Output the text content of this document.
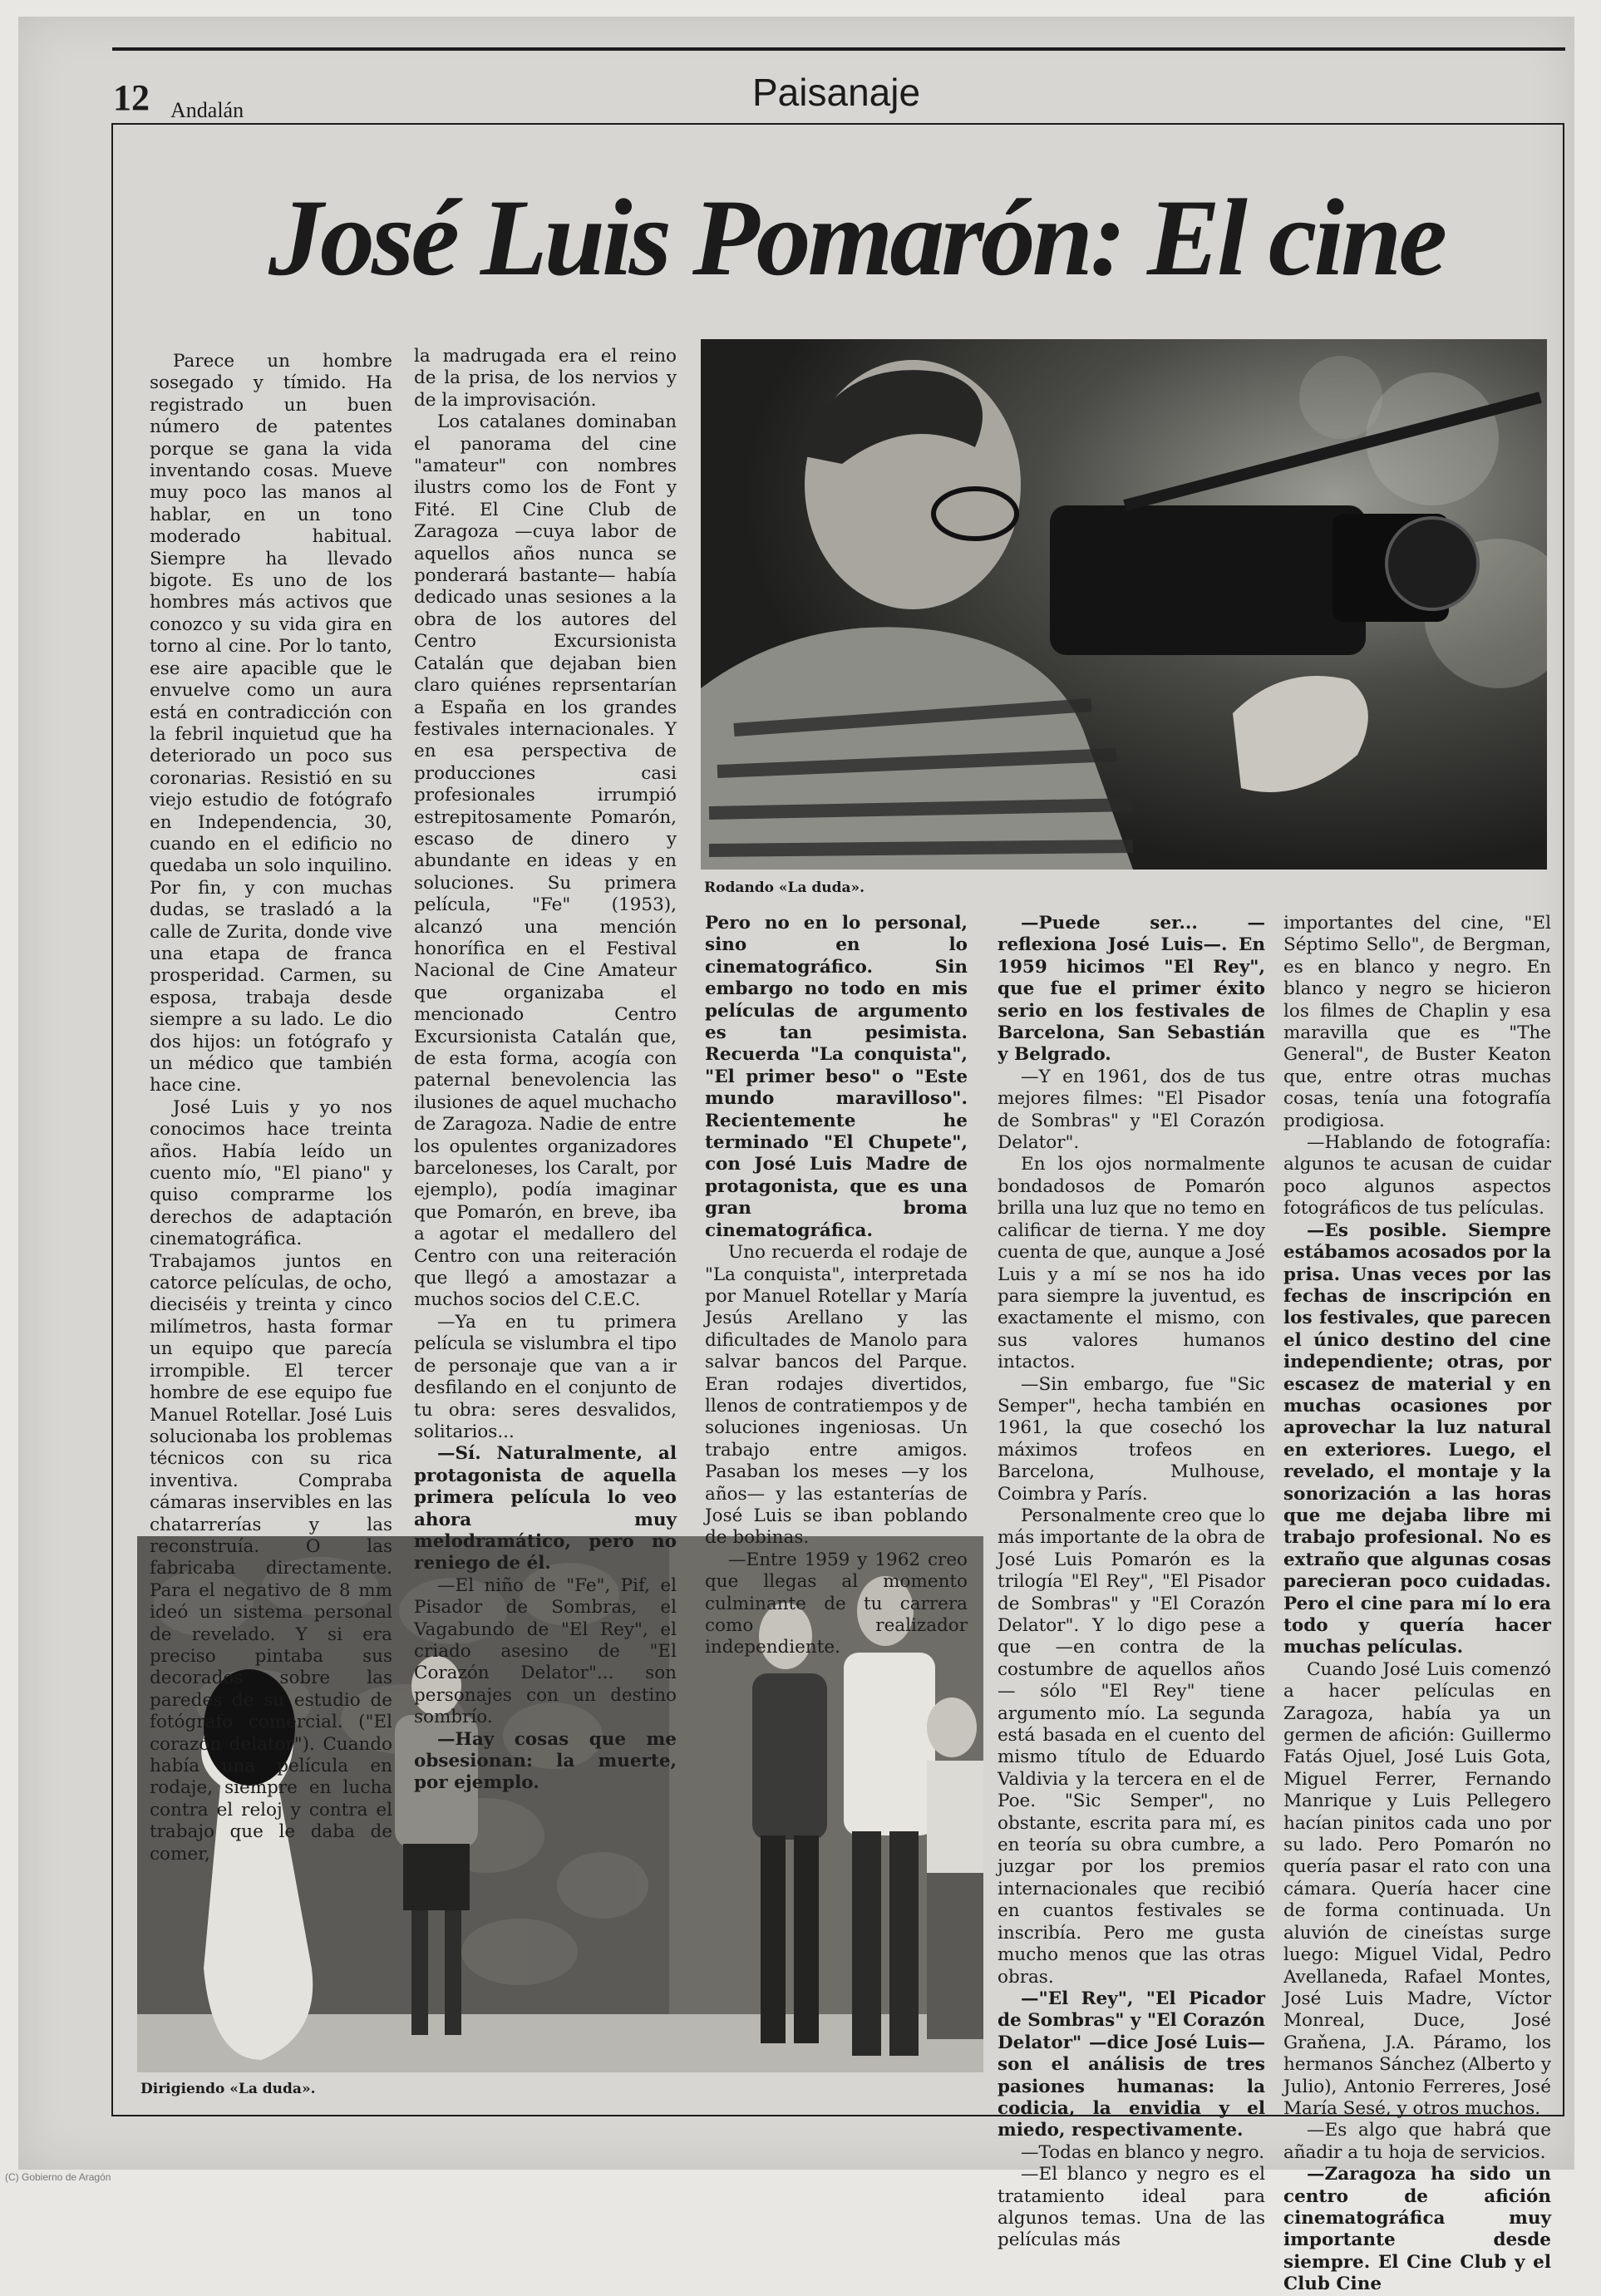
12 Andalán	Paisanaje
José Luis Pomarón: El cine
Rodando «La duda».
Dirigiendo «La duda».

Parece un hombre sosegado y tímido. Ha registrado un buen número de patentes porque se gana la vida inventando cosas. Mueve muy poco las manos al hablar, en un tono moderado habitual. Siempre ha llevado bigote. Es uno de los hombres más activos que conozco y su vida gira en torno al cine. Por lo tanto, ese aire apacible que le envuelve como un aura está en contradicción con la febril inquietud que ha deteriorado un poco sus coronarias. Resistió en su viejo estudio de fotógrafo en Independencia, 30, cuando en el edificio no quedaba un solo inquilino. Por fin, y con muchas dudas, se trasladó a la calle de Zurita, donde vive una etapa de franca prosperidad. Carmen, su esposa, trabaja desde siempre a su lado. Le dio dos hijos: un fotógrafo y un médico que también hace cine.

José Luis y yo nos conocimos hace treinta años. Había leído un cuento mío, "El piano" y quiso comprarme los derechos de adaptación cinematográfica. Trabajamos juntos en catorce películas, de ocho, dieciséis y treinta y cinco milímetros, hasta formar un equipo que parecía irrompible. El tercer hombre de ese equipo fue Manuel Rotellar. José Luis solucionaba los problemas técnicos con su rica inventiva. Compraba cámaras inservibles en las chatarrerías y las reconstruía. O las fabricaba directamente. Para el negativo de 8 mm ideó un sistema personal de revelado. Y si era preciso pintaba sus decorados sobre las paredes de su estudio de fotógrafo comercial. ("El corazón delator"). Cuando había una película en rodaje, siempre en lucha contra el reloj y contra el trabajo que le daba de comer,

la madrugada era el reino de la prisa, de los nervios y de la improvisación.

Los catalanes dominaban el panorama del cine "amateur" con nombres ilustrs como los de Font y Fité. El Cine Club de Zaragoza —cuya labor de aquellos años nunca se ponderará bastante— había dedicado unas sesiones a la obra de los autores del Centro Excursionista Catalán que dejaban bien claro quiénes reprsentarían a España en los grandes festivales internacionales. Y en esa perspectiva de producciones casi profesionales irrumpió estrepitosamente Pomarón, escaso de dinero y abundante en ideas y en soluciones. Su primera película, "Fe" (1953), alcanzó una mención honorífica en el Festival Nacional de Cine Amateur que organizaba el mencionado Centro Excursionista Catalán que, de esta forma, acogía con paternal benevolencia las ilusiones de aquel muchacho de Zaragoza. Nadie de entre los opulentes organizadores barceloneses, los Caralt, por ejemplo), podía imaginar que Pomarón, en breve, iba a agotar el medallero del Centro con una reiteración que llegó a amostazar a muchos socios del C.E.C.

—Ya en tu primera película se vislumbra el tipo de personaje que van a ir desfilando en el conjunto de tu obra: seres desvalidos, solitarios...

—Sí. Naturalmente, al protagonista de aquella primera película lo veo ahora muy melodramático, pero no reniego de él.

—El niño de "Fe", Pif, el Pisador de Sombras, el Vagabundo de "El Rey", el criado asesino de "El Corazón Delator"... son personajes con un destino sombrío.

—Hay cosas que me obsesionan: la muerte, por ejemplo.

Pero no en lo personal, sino en lo cinematográfico. Sin embargo no todo en mis películas de argumento es tan pesimista. Recuerda "La conquista", "El primer beso" o "Este mundo maravilloso". Recientemente he terminado "El Chupete", con José Luis Madre de protagonista, que es una gran broma cinematográfica.

Uno recuerda el rodaje de "La conquista", interpretada por Manuel Rotellar y María Jesús Arellano y las dificultades de Manolo para salvar bancos del Parque. Eran rodajes divertidos, llenos de contratiempos y de soluciones ingeniosas. Un trabajo entre amigos. Pasaban los meses —y los años— y las estanterías de José Luis se iban poblando de bobinas.

—Entre 1959 y 1962 creo que llegas al momento culminante de tu carrera como realizador independiente.

—Puede ser... —reflexiona José Luis—. En 1959 hicimos "El Rey", que fue el primer éxito serio en los festivales de Barcelona, San Sebastián y Belgrado.

—Y en 1961, dos de tus mejores filmes: "El Pisador de Sombras" y "El Corazón Delator".

En los ojos normalmente bondadosos de Pomarón brilla una luz que no temo en calificar de tierna. Y me doy cuenta de que, aunque a José Luis y a mí se nos ha ido para siempre la juventud, es exactamente el mismo, con sus valores humanos intactos.

—Sin embargo, fue "Sic Semper", hecha también en 1961, la que cosechó los máximos trofeos en Barcelona, Mulhouse, Coimbra y París.

Personalmente creo que lo más importante de la obra de José Luis Pomarón es la trilogía "El Rey", "El Pisador de Sombras" y "El Corazón Delator". Y lo digo pese a que —en contra de la costumbre de aquellos años— sólo "El Rey" tiene argumento mío. La segunda está basada en el cuento del mismo título de Eduardo Valdivia y la tercera en el de Poe. "Sic Semper", no obstante, escrita para mí, es en teoría su obra cumbre, a juzgar por los premios internacionales que recibió en cuantos festivales se inscribía. Pero me gusta mucho menos que las otras obras.

—"El Rey", "El Picador de Sombras" y "El Corazón Delator" —dice José Luis— son el análisis de tres pasiones humanas: la codicia, la envidia y el miedo, respectivamente.

—Todas en blanco y negro.

—El blanco y negro es el tratamiento ideal para algunos temas. Una de las películas más

importantes del cine, "El Séptimo Sello", de Bergman, es en blanco y negro. En blanco y negro se hicieron los filmes de Chaplin y esa maravilla que es "The General", de Buster Keaton que, entre otras muchas cosas, tenía una fotografía prodigiosa.

—Hablando de fotografía: algunos te acusan de cuidar poco algunos aspectos fotográficos de tus películas.

—Es posible. Siempre estábamos acosados por la prisa. Unas veces por las fechas de inscripción en los festivales, que parecen el único destino del cine independiente; otras, por escasez de material y en muchas ocasiones por aprovechar la luz natural en exteriores. Luego, el revelado, el montaje y la sonorización a las horas que me dejaba libre mi trabajo profesional. No es extraño que algunas cosas parecieran poco cuidadas. Pero el cine para mí lo era todo y quería hacer muchas películas.

Cuando José Luis comenzó a hacer películas en Zaragoza, había ya un germen de afición: Guillermo Fatás Ojuel, José Luis Gota, Miguel Ferrer, Fernando Manrique y Luis Pellegero hacían pinitos cada uno por su lado. Pero Pomarón no quería pasar el rato con una cámara. Quería hacer cine de forma continuada. Un aluvión de cineístas surge luego: Miguel Vidal, Pedro Avellaneda, Rafael Montes, José Luis Madre, Víctor Monreal, Duce, José Graňena, J.A. Páramo, los hermanos Sánchez (Alberto y Julio), Antonio Ferreres, José María Sesé, y otros muchos.

—Es algo que habrá que añadir a tu hoja de servicios.

—Zaragoza ha sido un centro de afición cinematográfica muy importante desde siempre. El Cine Club y el Club Cine

(C) Gobierno de Aragón
